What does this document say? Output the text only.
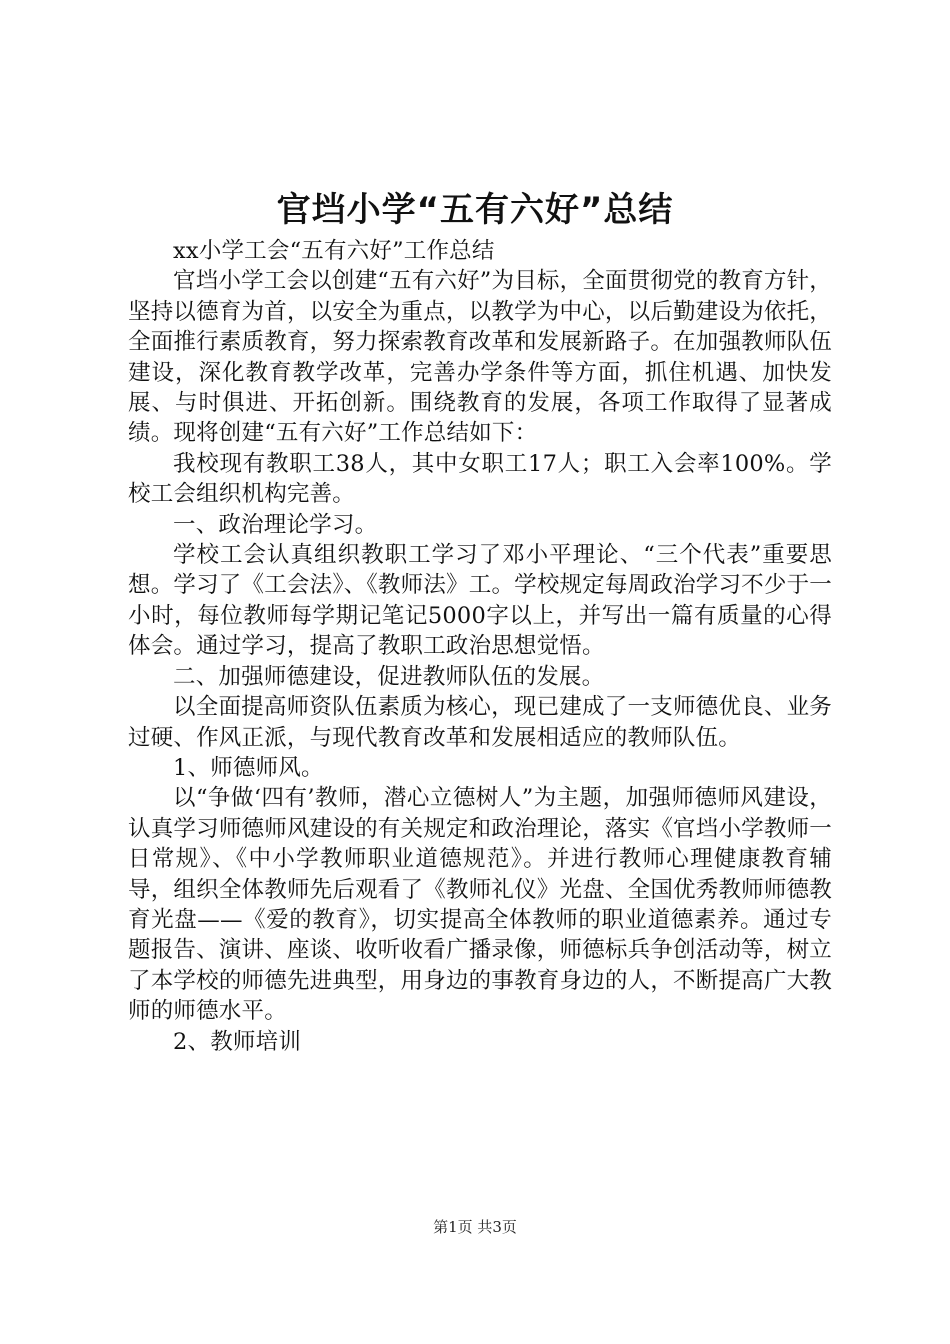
官垱小学“五有六好”总结

xx小学工会“五有六好”工作总结

官垱小学工会以创建“五有六好”为目标，全面贯彻党的教育方针，坚持以德育为首，以安全为重点，以教学为中心，以后勤建设为依托，全面推行素质教育，努力探索教育改革和发展新路子。在加强教师队伍建设，深化教育教学改革，完善办学条件等方面，抓住机遇、加快发展、与时俱进、开拓创新。围绕教育的发展，各项工作取得了显著成绩。现将创建“五有六好”工作总结如下：

我校现有教职工38人，其中女职工17人；职工入会率100%。学校工会组织机构完善。

一、政治理论学习。

学校工会认真组织教职工学习了邓小平理论、“三个代表”重要思想。学习了《工会法》、《教师法》工。学校规定每周政治学习不少于一小时，每位教师每学期记笔记5000字以上，并写出一篇有质量的心得体会。通过学习，提高了教职工政治思想觉悟。

二、加强师德建设，促进教师队伍的发展。

以全面提高师资队伍素质为核心，现已建成了一支师德优良、业务过硬、作风正派，与现代教育改革和发展相适应的教师队伍。

1、师德师风。

以“争做‘四有’教师，潜心立德树人”为主题，加强师德师风建设，认真学习师德师风建设的有关规定和政治理论，落实《官垱小学教师一日常规》、《中小学教师职业道德规范》。并进行教师心理健康教育辅导，组织全体教师先后观看了《教师礼仪》光盘、全国优秀教师师德教育光盘——《爱的教育》，切实提高全体教师的职业道德素养。通过专题报告、演讲、座谈、收听收看广播录像，师德标兵争创活动等，树立了本学校的师德先进典型，用身边的事教育身边的人，不断提高广大教师的师德水平。

2、教师培训

第1页 共3页
